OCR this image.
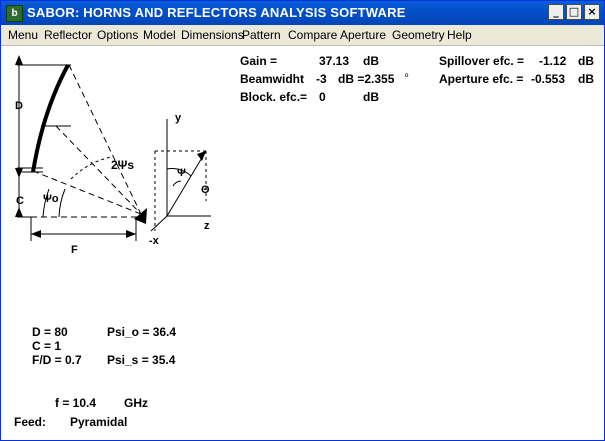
b SABOR: HORNS AND REFLECTORS ANALYSIS SOFTWARE	_ □ ×
Menu Reflector Options Model Dimensions
Pattern Compare Aperture Geometry Help
Gain =	37.13 dB
Beamwidht -3 dB =2.355 º
Block. efc.= 0	dB
Spillover efc. = -1.12 dB
Aperture efc. = -0.553 dB
D
C
F
2Ψs
Ψo
y
z
-x
Ψ
Θ
D = 80	Psi_o = 36.4
C = 1
F/D = 0.7 Psi_s = 35.4
f = 10.4 GHz
Feed: Pyramidal
